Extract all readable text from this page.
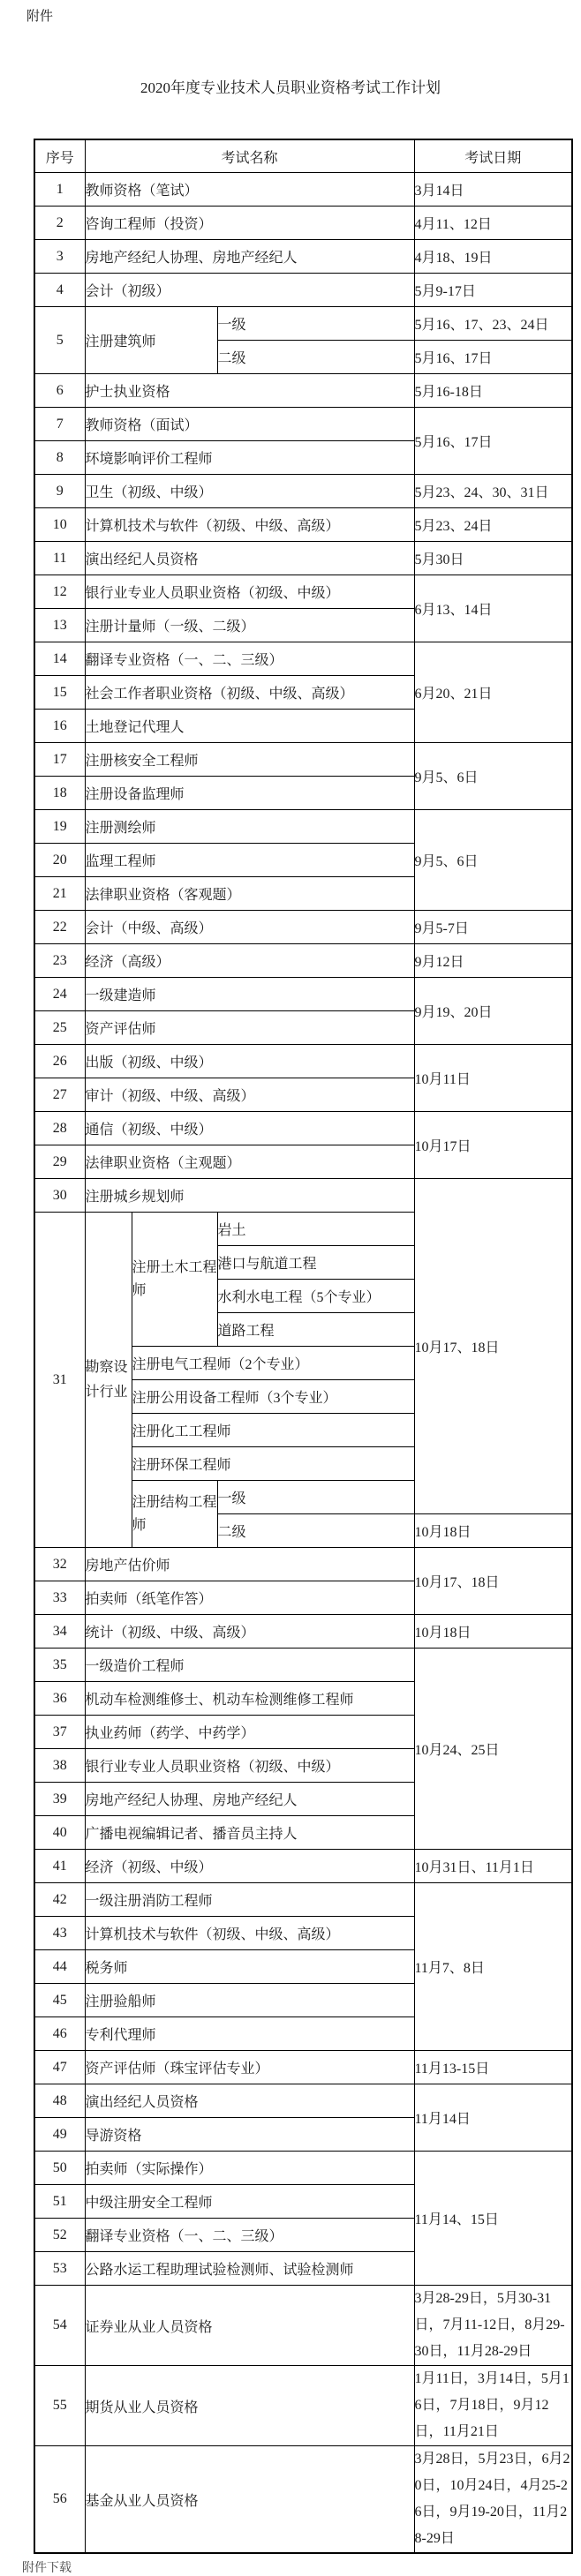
附件
2020年度专业技术人员职业资格考试工作计划
序号	考试名称			考试日期
1	教师资格（笔试）			3月14日
2	咨询工程师（投资）			4月11、12日
3	房地产经纪人协理、房地产经纪人			4月18、19日
4	会计（初级）			5月9-17日
5	注册建筑师		一级	5月16、17、23、24日
			二级	5月16、17日
6	护士执业资格			5月16-18日
7	教师资格（面试）			5月16、17日
8	环境影响评价工程师			
9	卫生（初级、中级）			5月23、24、30、31日
10	计算机技术与软件（初级、中级、高级）			5月23、24日
11	演出经纪人员资格			5月30日
12	银行业专业人员职业资格（初级、中级）			6月13、14日
13	注册计量师（一级、二级）			
14	翻译专业资格（一、二、三级）			6月20、21日
15	社会工作者职业资格（初级、中级、高级）			
16	土地登记代理人			
17	注册核安全工程师			9月5、6日
18	注册设备监理师			
19	注册测绘师			9月5、6日
20	监理工程师			
21	法律职业资格（客观题）			
22	会计（中级、高级）			9月5-7日
23	经济（高级）			9月12日
24	一级建造师			9月19、20日
25	资产评估师			
26	出版（初级、中级）			10月11日
27	审计（初级、中级、高级）			
28	通信（初级、中级）			10月17日
29	法律职业资格（主观题）			
30	注册城乡规划师			10月17、18日
31	勘察设计行业	注册土木工程师	岩土	
			港口与航道工程	
			水利水电工程（5个专业）	
			道路工程	
		注册电气工程师（2个专业）		
		注册公用设备工程师（3个专业）		
		注册化工工程师		
		注册环保工程师		
		注册结构工程师	一级	
			二级	10月18日
32	房地产估价师			10月17、18日
33	拍卖师（纸笔作答）			
34	统计（初级、中级、高级）			10月18日
35	一级造价工程师			10月24、25日
36	机动车检测维修士、机动车检测维修工程师			
37	执业药师（药学、中药学）			
38	银行业专业人员职业资格（初级、中级）			
39	房地产经纪人协理、房地产经纪人			
40	广播电视编辑记者、播音员主持人			
41	经济（初级、中级）			10月31日、11月1日
42	一级注册消防工程师			11月7、8日
43	计算机技术与软件（初级、中级、高级）			
44	税务师			
45	注册验船师			
46	专利代理师			
47	资产评估师（珠宝评估专业）			11月13-15日
48	演出经纪人员资格			11月14日
49	导游资格			
50	拍卖师（实际操作）			11月14、15日
51	中级注册安全工程师			
52	翻译专业资格（一、二、三级）			
53	公路水运工程助理试验检测师、试验检测师			
54	证券业从业人员资格			3月28-29日，5月30-31日，7月11-12日，8月29-30日，11月28-29日
55	期货从业人员资格			1月11日，3月14日，5月16日，7月18日，9月12日，11月21日
56	基金从业人员资格			3月28日，5月23日，6月20日，10月24日，4月25-26日，9月19-20日，11月28-29日
附件下载
